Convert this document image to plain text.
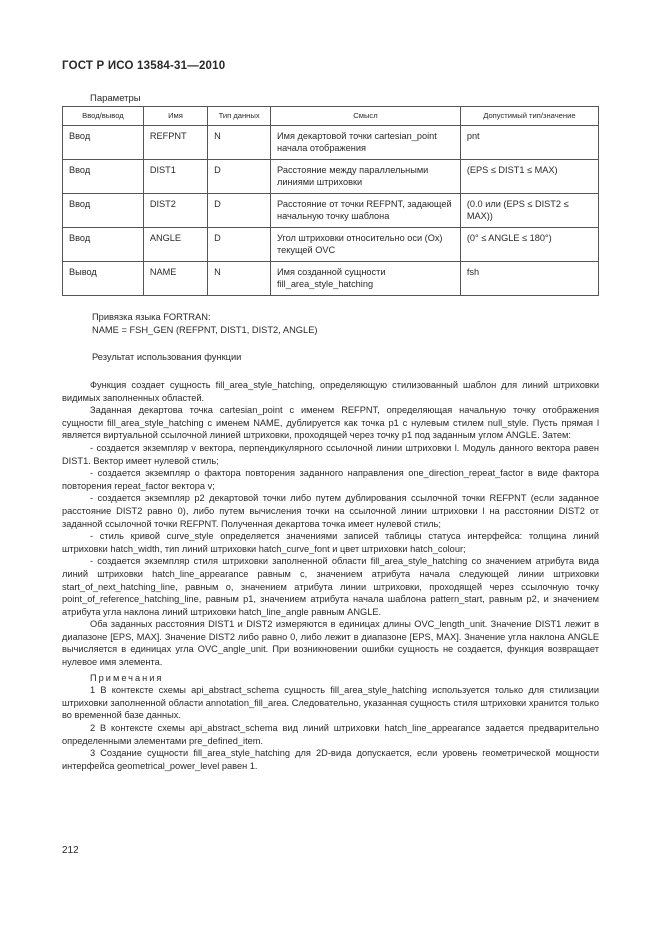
ГОСТ Р ИСО 13584-31—2010
Параметры
Ввод/вывод	Имя	Тип данных	Смысл	Допустимый тип/значение
Ввод	REFPNT	N	Имя декартовой точки cartesian_point начала отображения	pnt
Ввод	DIST1	D	Расстояние между параллельными линиями штриховки	(EPS ≤ DIST1 ≤ MAX)
Ввод	DIST2	D	Расстояние от точки REFPNT, задающей начальную точку шаблона	(0.0 или (EPS ≤ DIST2 ≤ MAX))
Ввод	ANGLE	D	Угол штриховки относительно оси (Ox) текущей OVC	(0° ≤ ANGLE ≤ 180°)
Вывод	NAME	N	Имя созданной сущности fill_area_style_hatching	fsh
Привязка языка FORTRAN:
NAME = FSH_GEN (REFPNT, DIST1, DIST2, ANGLE)
Результат использования функции

Функция создает сущность fill_area_style_hatching, определяющую стилизованный шаблон для линий штриховки видимых заполненных областей.

Заданная декартова точка cartesian_point с именем REFPNT, определяющая начальную точку отображения сущности fill_area_style_hatching с именем NAME, дублируется как точка p1 с нулевым стилем null_style. Пусть прямая l является виртуальной ссылочной линией штриховки, проходящей через точку p1 под заданным углом ANGLE. Затем:

- создается экземпляр v вектора, перпендикулярного ссылочной линии штриховки l. Модуль данного вектора равен DIST1. Вектор имеет нулевой стиль;

- создается экземпляр о фактора повторения заданного направления one_direction_repeat_factor в виде фактора повторения repeat_factor вектора v;

- создается экземпляр p2 декартовой точки либо путем дублирования ссылочной точки REFPNT (если заданное расстояние DIST2 равно 0), либо путем вычисления точки на ссылочной линии штриховки l на расстоянии DIST2 от заданной ссылочной точки REFPNT. Полученная декартова точка имеет нулевой стиль;

- стиль кривой curve_style определяется значениями записей таблицы статуса интерфейса: толщина линий штриховки hatch_width, тип линий штриховки hatch_curve_font и цвет штриховки hatch_colour;

- создается экземпляр стиля штриховки заполненной области fill_area_style_hatching со значением атрибута вида линий штриховки hatch_line_appearance равным с, значением атрибута начала следующей линии штриховки start_of_next_hatching_line, равным о, значением атрибута линии штриховки, проходящей через ссылочную точку point_of_reference_hatching_line, равным p1, значением атрибута начала шаблона pattern_start, равным p2, и значением атрибута угла наклона линий штриховки hatch_line_angle равным ANGLE.

Оба заданных расстояния DIST1 и DIST2 измеряются в единицах длины OVC_length_unit. Значение DIST1 лежит в диапазоне [EPS, MAX]. Значение DIST2 либо равно 0, либо лежит в диапазоне [EPS, MAX]. Значение угла наклона ANGLE вычисляется в единицах угла OVC_angle_unit. При возникновении ошибки сущность не создается, функция возвращает нулевое имя элемента.

Примечания

1 В контексте схемы api_abstract_schema сущность fill_area_style_hatching используется только для стилизации штриховки заполненной области annotation_fill_area. Следовательно, указанная сущность стиля штриховки хранится только во временной базе данных.

2 В контексте схемы api_abstract_schema вид линий штриховки hatch_line_appearance задается предварительно определенными элементами pre_defined_item.

3 Создание сущности fill_area_style_hatching для 2D-вида допускается, если уровень геометрической мощности интерфейса geometrical_power_level равен 1.

212
